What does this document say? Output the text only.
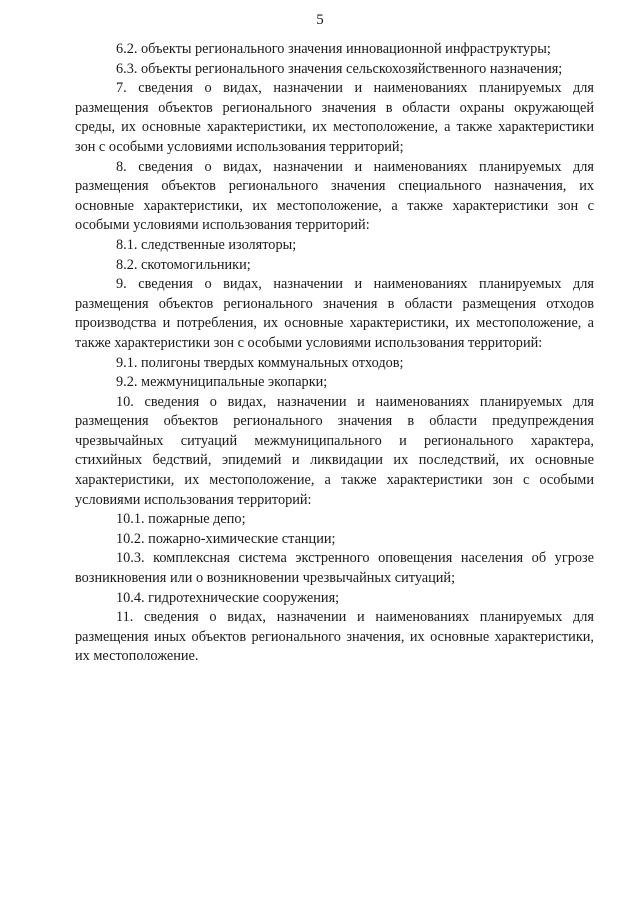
5

6.2. объекты регионального значения инновационной инфраструктуры;

6.3. объекты регионального значения сельскохозяйственного назначения;

7. сведения о видах, назначении и наименованиях планируемых для размещения объектов регионального значения в области охраны окружающей среды, их основные характеристики, их местоположение, а также характеристики зон с особыми условиями использования территорий;

8. сведения о видах, назначении и наименованиях планируемых для размещения объектов регионального значения специального назначения, их основные характеристики, их местоположение, а также характеристики зон с особыми условиями использования территорий:

8.1. следственные изоляторы;

8.2. скотомогильники;

9. сведения о видах, назначении и наименованиях планируемых для размещения объектов регионального значения в области размещения отходов производства и потребления, их основные характеристики, их местоположение, а также характеристики зон с особыми условиями использования территорий:

9.1. полигоны твердых коммунальных отходов;

9.2. межмуниципальные экопарки;

10. сведения о видах, назначении и наименованиях планируемых для размещения объектов регионального значения в области предупреждения чрезвычайных ситуаций межмуниципального и регионального характера, стихийных бедствий, эпидемий и ликвидации их последствий, их основные характеристики, их местоположение, а также характеристики зон с особыми условиями использования территорий:

10.1. пожарные депо;

10.2. пожарно-химические станции;

10.3. комплексная система экстренного оповещения населения об угрозе возникновения или о возникновении чрезвычайных ситуаций;

10.4. гидротехнические сооружения;

11. сведения о видах, назначении и наименованиях планируемых для размещения иных объектов регионального значения, их основные характеристики, их местоположение.
